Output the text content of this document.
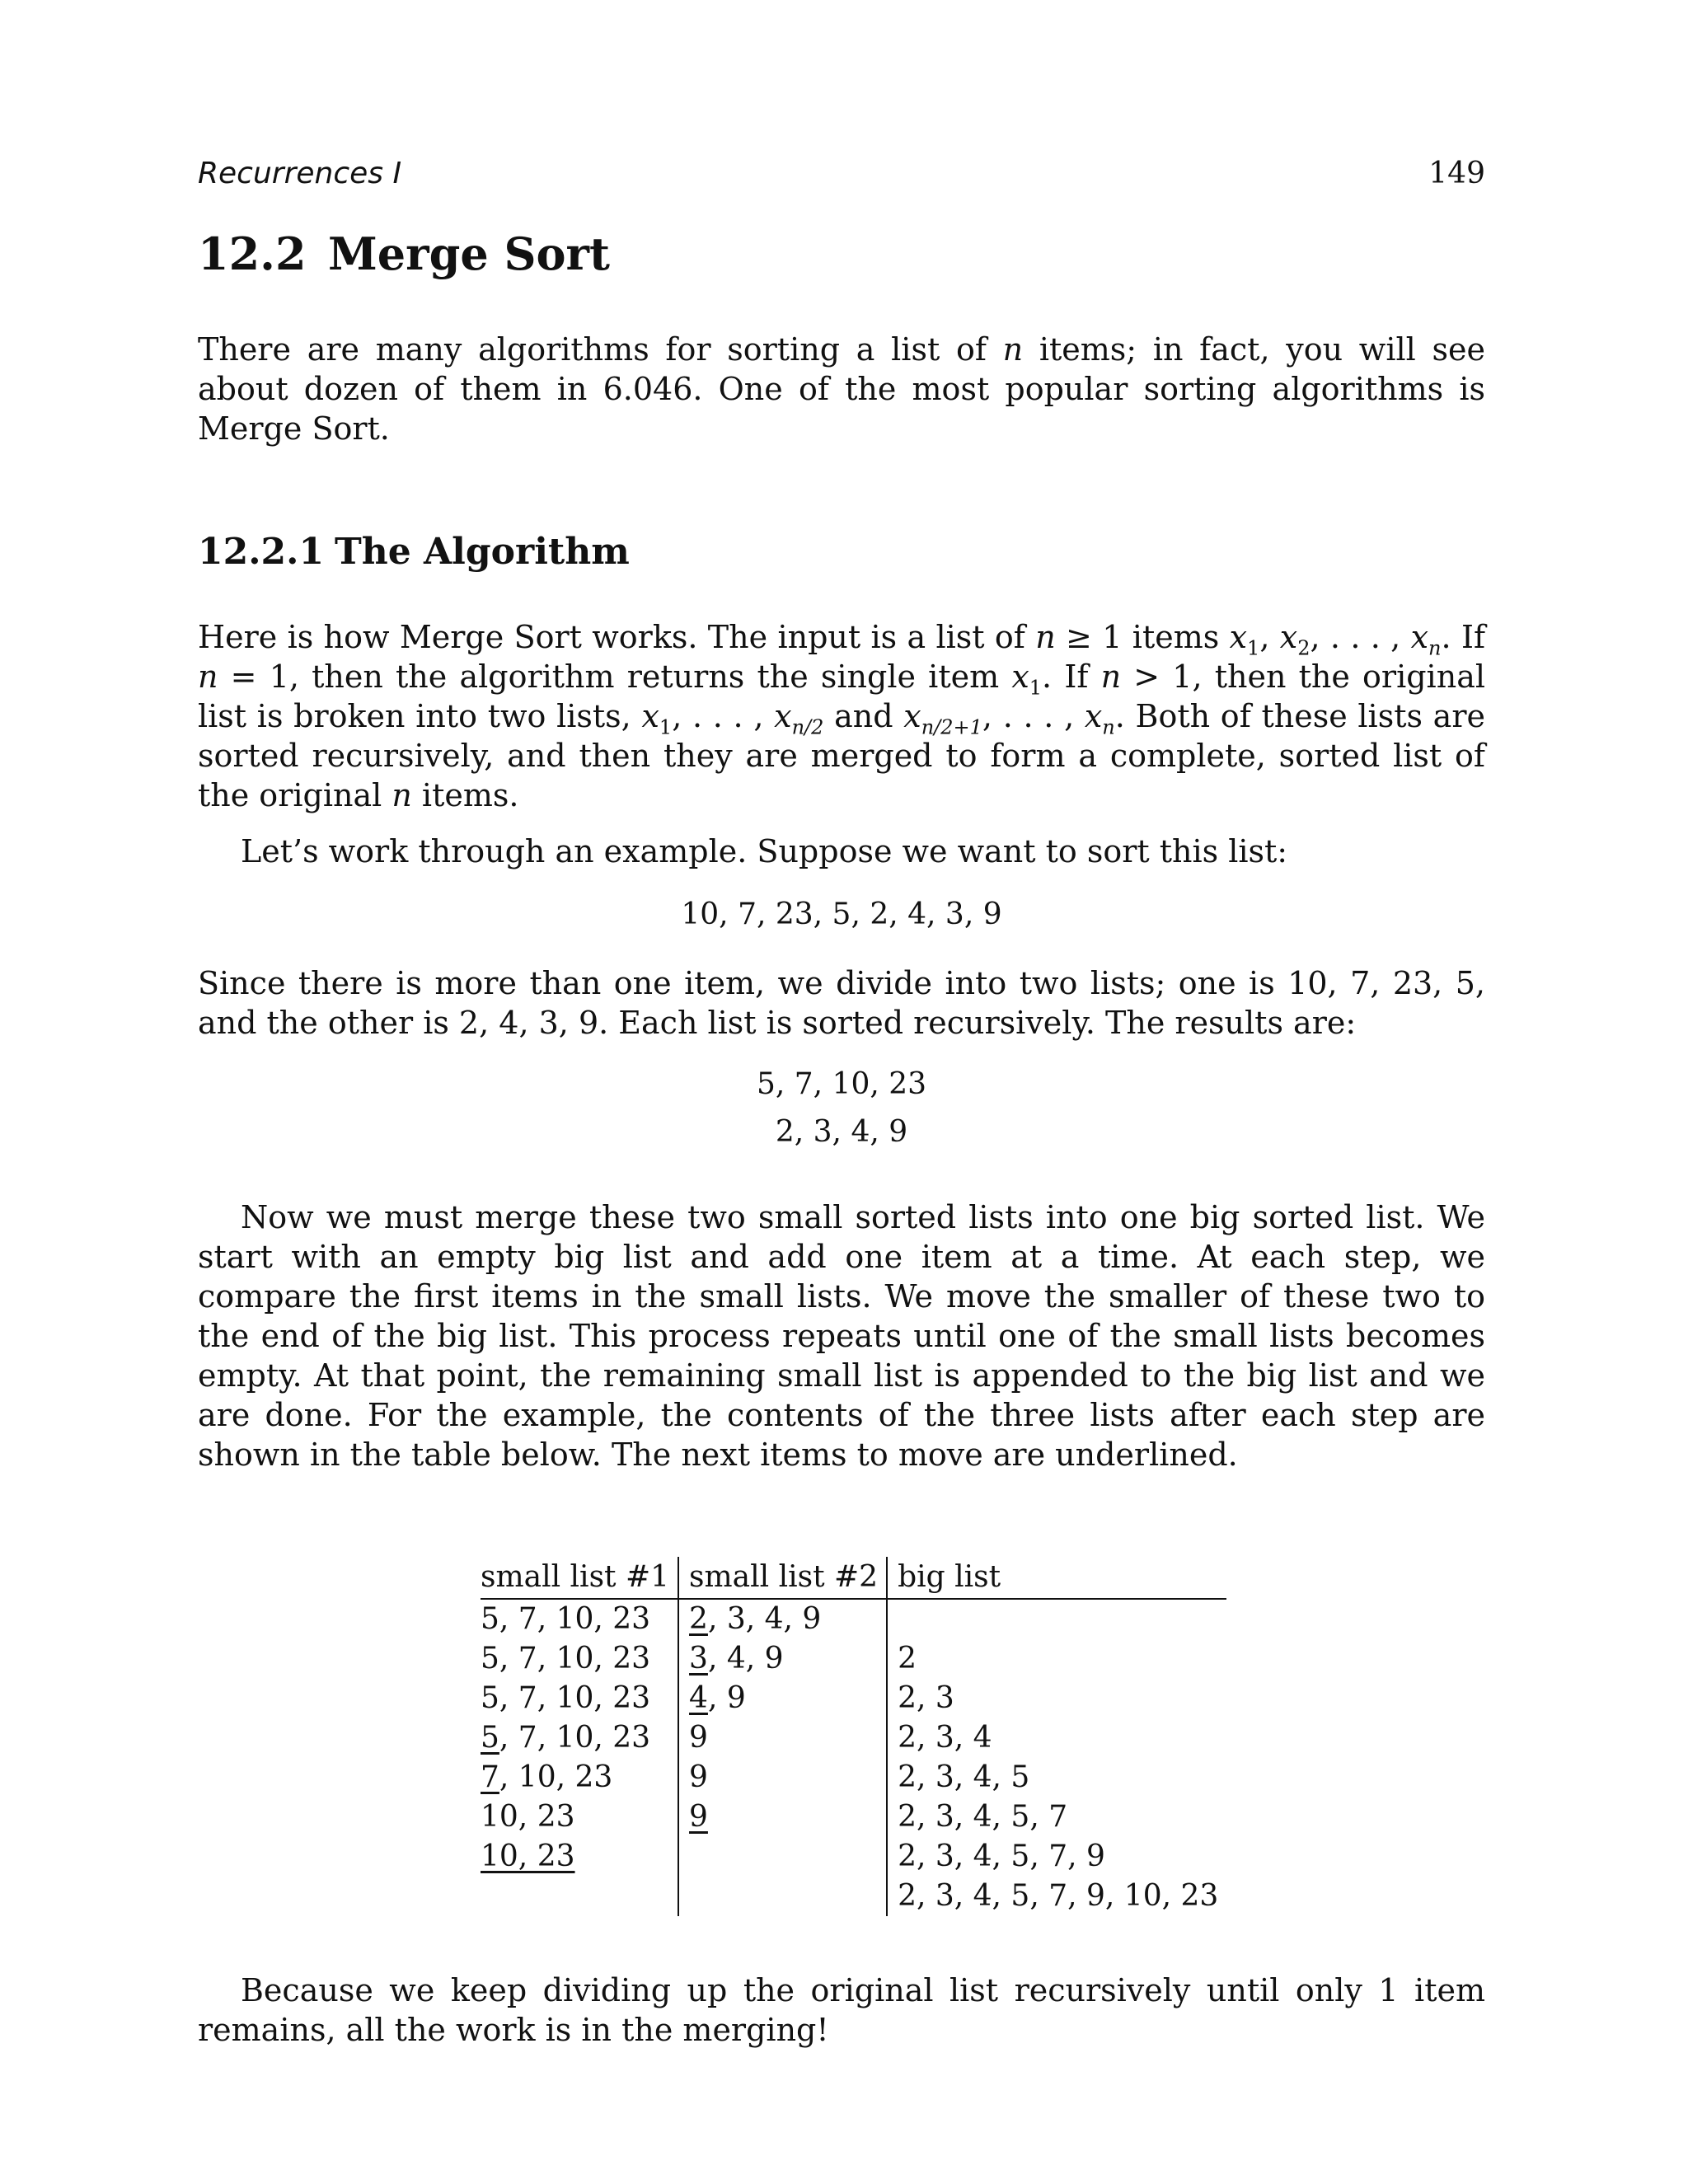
Recurrences I	149
12.2 Merge Sort

There are many algorithms for sorting a list of n items; in fact, you will see about dozen of them in 6.046. One of the most popular sorting algorithms is Merge Sort.

12.2.1 The Algorithm

Here is how Merge Sort works. The input is a list of n ≥ 1 items $x_1$, $x_2$, . . . , $x_n$. If n = 1, then the algorithm returns the single item $x_1$. If n > 1, then the original list is broken into two lists, $x_1$, . . . , $x_{n/2}$ and $x_{n/2+1}$, . . . , $x_n$. Both of these lists are sorted recursively, and then they are merged to form a complete, sorted list of the original n items.

Let’s work through an example. Suppose we want to sort this list:

10, 7, 23, 5, 2, 4, 3, 9

Since there is more than one item, we divide into two lists; one is 10, 7, 23, 5, and the other is 2, 4, 3, 9. Each list is sorted recursively. The results are:

5, 7, 10, 23
2, 3, 4, 9

Now we must merge these two small sorted lists into one big sorted list. We start with an empty big list and add one item at a time. At each step, we compare the first items in the small lists. We move the smaller of these two to the end of the big list. This process repeats until one of the small lists becomes empty. At that point, the remaining small list is appended to the big list and we are done. For the example, the contents of the three lists after each step are shown in the table below. The next items to move are underlined.

small list #1	small list #2	big list
5, 7, 10, 23	2, 3, 4, 9	
5, 7, 10, 23	3, 4, 9	2
5, 7, 10, 23	4, 9	2, 3
5, 7, 10, 23	9	2, 3, 4
7, 10, 23	9	2, 3, 4, 5
10, 23	9	2, 3, 4, 5, 7
10, 23		2, 3, 4, 5, 7, 9
		2, 3, 4, 5, 7, 9, 10, 23

Because we keep dividing up the original list recursively until only 1 item remains, all the work is in the merging!
